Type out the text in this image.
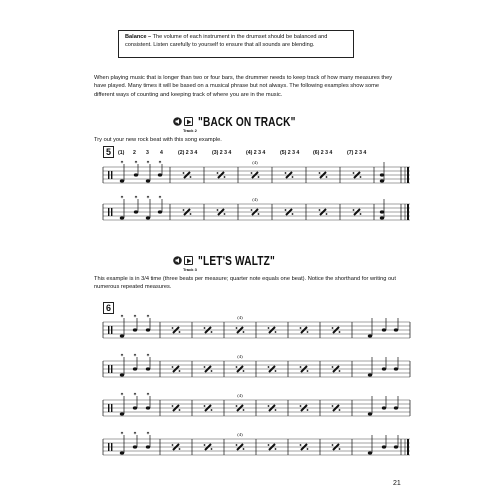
Balance – The volume of each instrument in the drumset should be balanced and consistent. Listen carefully to yourself to ensure that all sounds are blending.
When playing music that is longer than two or four bars, the drummer needs to keep track of how many measures they have played. Many times it will be based on a musical phrase but not always. The following examples show some different ways of counting and keeping track of where you are in the music.
Track 2
"BACK ON TRACK"
Try out your new rock beat with this song example.
5	(1) 2 3 4	(2) 2 3 4	(3) 2 3 4	(4) 2 3 4	(5) 2 3 4	(6) 2 3 4	(7) 2 3 4
(4)
(4)
(4)
(4)
(4)
(4)
Track 3
"LET'S WALTZ"
This example is in 3/4 time (three beats per measure; quarter note equals one beat). Notice the shorthand for writing out numerous repeated measures.
6
21
